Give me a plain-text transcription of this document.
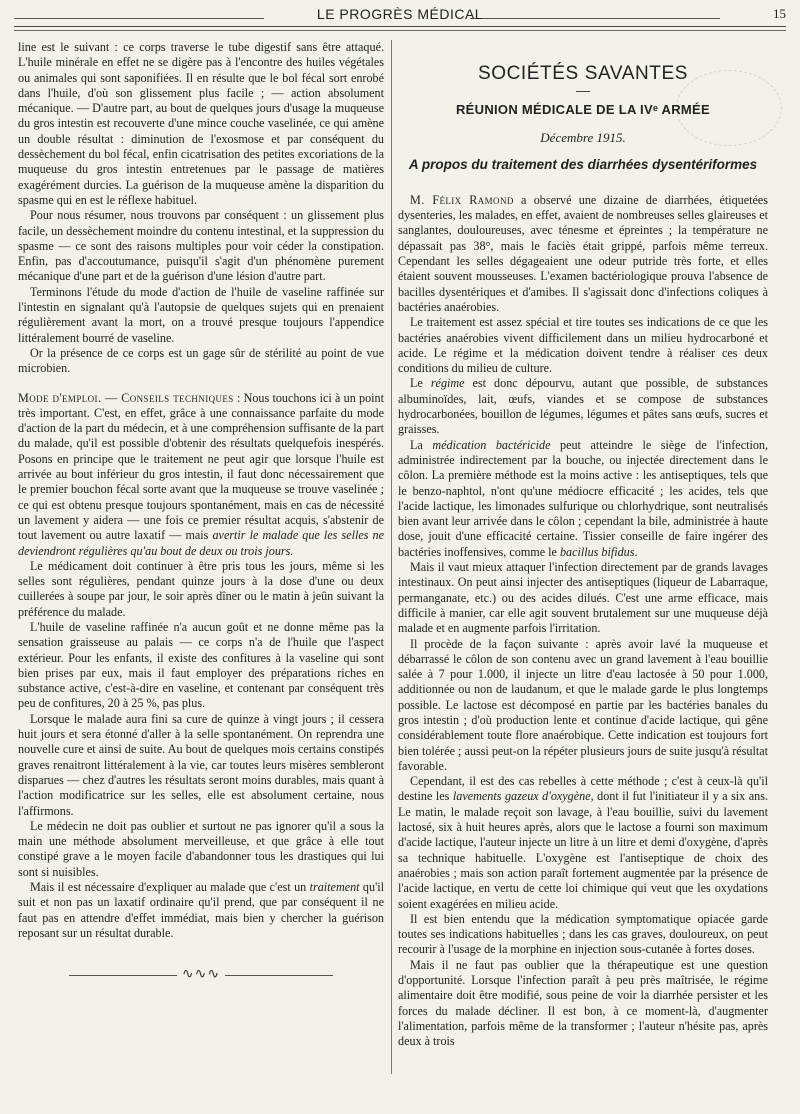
LE PROGRÈS MÉDICAL	15

line est le suivant : ce corps traverse le tube digestif sans être attaqué. L'huile minérale en effet ne se digère pas à l'encontre des huiles végétales ou animales qui sont saponifiées. Il en résulte que le bol fécal sort enrobé dans l'huile, d'où son glissement plus facile ; — action absolument mécanique. — D'autre part, au bout de quelques jours d'usage la muqueuse du gros intestin est recouverte d'une mince couche vaselinée, ce qui amène un double résultat : diminution de l'exosmose et par conséquent du dessèchement du bol fécal, enfin cicatrisation des petites excoriations de la muqueuse du gros intestin entretenues par le passage de matières exagérément durcies. La guérison de la muqueuse amène la disparition du spasme qui en est le réflexe habituel.

Pour nous résumer, nous trouvons par conséquent : un glissement plus facile, un dessèchement moindre du contenu intestinal, et la suppression du spasme — ce sont des raisons multiples pour voir céder la constipation. Enfin, pas d'accoutumance, puisqu'il s'agit d'un phénomène purement mécanique d'une part et de la guérison d'une lésion d'autre part.

Terminons l'étude du mode d'action de l'huile de vaseline raffinée sur l'intestin en signalant qu'à l'autopsie de quelques sujets qui en prenaient régulièrement avant la mort, on a trouvé presque toujours l'appendice littéralement bourré de vaseline.

Or la présence de ce corps est un gage sûr de stérilité au point de vue microbien.

Mode d'emploi. — Conseils techniques : Nous touchons ici à un point très important. C'est, en effet, grâce à une connaissance parfaite du mode d'action de la part du médecin, et à une compréhension suffisante de la part du malade, qu'il est possible d'obtenir des résultats quelquefois inespérés. Posons en principe que le traitement ne peut agir que lorsque l'huile est arrivée au bout inférieur du gros intestin, il faut donc nécessairement que le premier bouchon fécal sorte avant que la muqueuse se trouve vaselinée ; ce qui est obtenu presque toujours spontanément, mais en cas de nécessité un lavement y aidera — une fois ce premier résultat acquis, s'abstenir de tout lavement ou autre laxatif — mais avertir le malade que les selles ne deviendront régulières qu'au bout de deux ou trois jours.

Le médicament doit continuer à être pris tous les jours, même si les selles sont régulières, pendant quinze jours à la dose d'une ou deux cuillerées à soupe par jour, le soir après dîner ou le matin à jeûn suivant la préférence du malade.

L'huile de vaseline raffinée n'a aucun goût et ne donne même pas la sensation graisseuse au palais — ce corps n'a de l'huile que l'aspect extérieur. Pour les enfants, il existe des confitures à la vaseline qui sont bien prises par eux, mais il faut employer des préparations riches en substance active, c'est-à-dire en vaseline, et contenant par conséquent très peu de confitures, 20 à 25 %, pas plus.

Lorsque le malade aura fini sa cure de quinze à vingt jours ; il cessera huit jours et sera étonné d'aller à la selle spontanément. On reprendra une nouvelle cure et ainsi de suite. Au bout de quelques mois certains constipés graves renaitront littéralement à la vie, car toutes leurs misères sembleront disparues — chez d'autres les résultats seront moins durables, mais quant à l'action modificatrice sur les selles, elle est absolument certaine, nous l'affirmons.

Le médecin ne doit pas oublier et surtout ne pas ignorer qu'il a sous la main une méthode absolument merveilleuse, et que grâce à elle tout constipé grave a le moyen facile d'abandonner tous les drastiques qui lui sont si nuisibles.

Mais il est nécessaire d'expliquer au malade que c'est un traitement qu'il suit et non pas un laxatif ordinaire qu'il prend, que par conséquent il ne faut pas en attendre d'effet immédiat, mais bien y chercher la guérison reposant sur un résultat durable.

∿∿∿
SOCIÉTÉS SAVANTES
RÉUNION MÉDICALE DE LA IVᵉ ARMÉE
Décembre 1915.
A propos du traitement des diarrhées dysentériformes

M. Félix Ramond a observé une dizaine de diarrhées, étiquetées dysenteries, les malades, en effet, avaient de nombreuses selles glaireuses et sanglantes, douloureuses, avec ténesme et épreintes ; la température ne dépassait pas 38°, mais le faciès était grippé, parfois même terreux. Cependant les selles dégageaient une odeur putride très forte, et elles étaient souvent mousseuses. L'examen bactériologique prouva l'absence de bacilles dysentériques et d'amibes. Il s'agissait donc d'infections coliques à bactéries anaérobies.

Le traitement est assez spécial et tire toutes ses indications de ce que les bactéries anaérobies vivent difficilement dans un milieu hydrocarboné et acide. Le régime et la médication doivent tendre à réaliser ces deux conditions du milieu de culture.

Le régime est donc dépourvu, autant que possible, de substances albuminoïdes, lait, œufs, viandes et se compose de substances hydrocarbonées, bouillon de légumes, légumes et pâtes sans œufs, sucres et graisses.

La médication bactéricide peut atteindre le siège de l'infection, administrée indirectement par la bouche, ou injectée directement dans le côlon. La première méthode est la moins active : les antiseptiques, tels que le benzo-naphtol, n'ont qu'une médiocre efficacité ; les acides, tels que l'acide lactique, les limonades sulfurique ou chlorhydrique, sont neutralisés bien avant leur arrivée dans le côlon ; cependant la bile, administrée à haute dose, jouit d'une efficacité certaine. Tissier conseille de faire ingérer des bactéries inoffensives, comme le bacillus bifidus.

Mais il vaut mieux attaquer l'infection directement par de grands lavages intestinaux. On peut ainsi injecter des antiseptiques (liqueur de Labarraque, permanganate, etc.) ou des acides dilués. C'est une arme efficace, mais difficile à manier, car elle agit souvent brutalement sur une muqueuse déjà malade et en augmente parfois l'irritation.

Il procède de la façon suivante : après avoir lavé la muqueuse et débarrassé le côlon de son contenu avec un grand lavement à l'eau bouillie salée à 7 pour 1.000, il injecte un litre d'eau lactosée à 50 pour 1.000, additionnée ou non de laudanum, et que le malade garde le plus longtemps possible. Le lactose est décomposé en partie par les bactéries banales du gros intestin ; d'où production lente et continue d'acide lactique, qui gêne considérablement toute flore anaérobique. Cette indication est toujours fort bien tolérée ; aussi peut-on la répéter plusieurs jours de suite jusqu'à résultat favorable.

Cependant, il est des cas rebelles à cette méthode ; c'est à ceux-là qu'il destine les lavements gazeux d'oxygène, dont il fut l'initiateur il y a six ans. Le matin, le malade reçoit son lavage, à l'eau bouillie, suivi du lavement lactosé, six à huit heures après, alors que le lactose a fourni son maximum d'acide lactique, l'auteur injecte un litre à un litre et demi d'oxygène, d'après sa technique habituelle. L'oxygène est l'antiseptique de choix des anaérobies ; mais son action paraît fortement augmentée par la présence de l'acide lactique, en vertu de cette loi chimique qui veut que les oxydations soient exagérées en milieu acide.

Il est bien entendu que la médication symptomatique opiacée garde toutes ses indications habituelles ; dans les cas graves, douloureux, on peut recourir à l'usage de la morphine en injection sous-cutanée à fortes doses.

Mais il ne faut pas oublier que la thérapeutique est une question d'opportunité. Lorsque l'infection paraît à peu près maîtrisée, le régime alimentaire doit être modifié, sous peine de voir la diarrhée persister et les forces du malade décliner. Il est bon, à ce moment-là, d'augmenter l'alimentation, parfois même de la transformer ; l'auteur n'hésite pas, après deux à trois
